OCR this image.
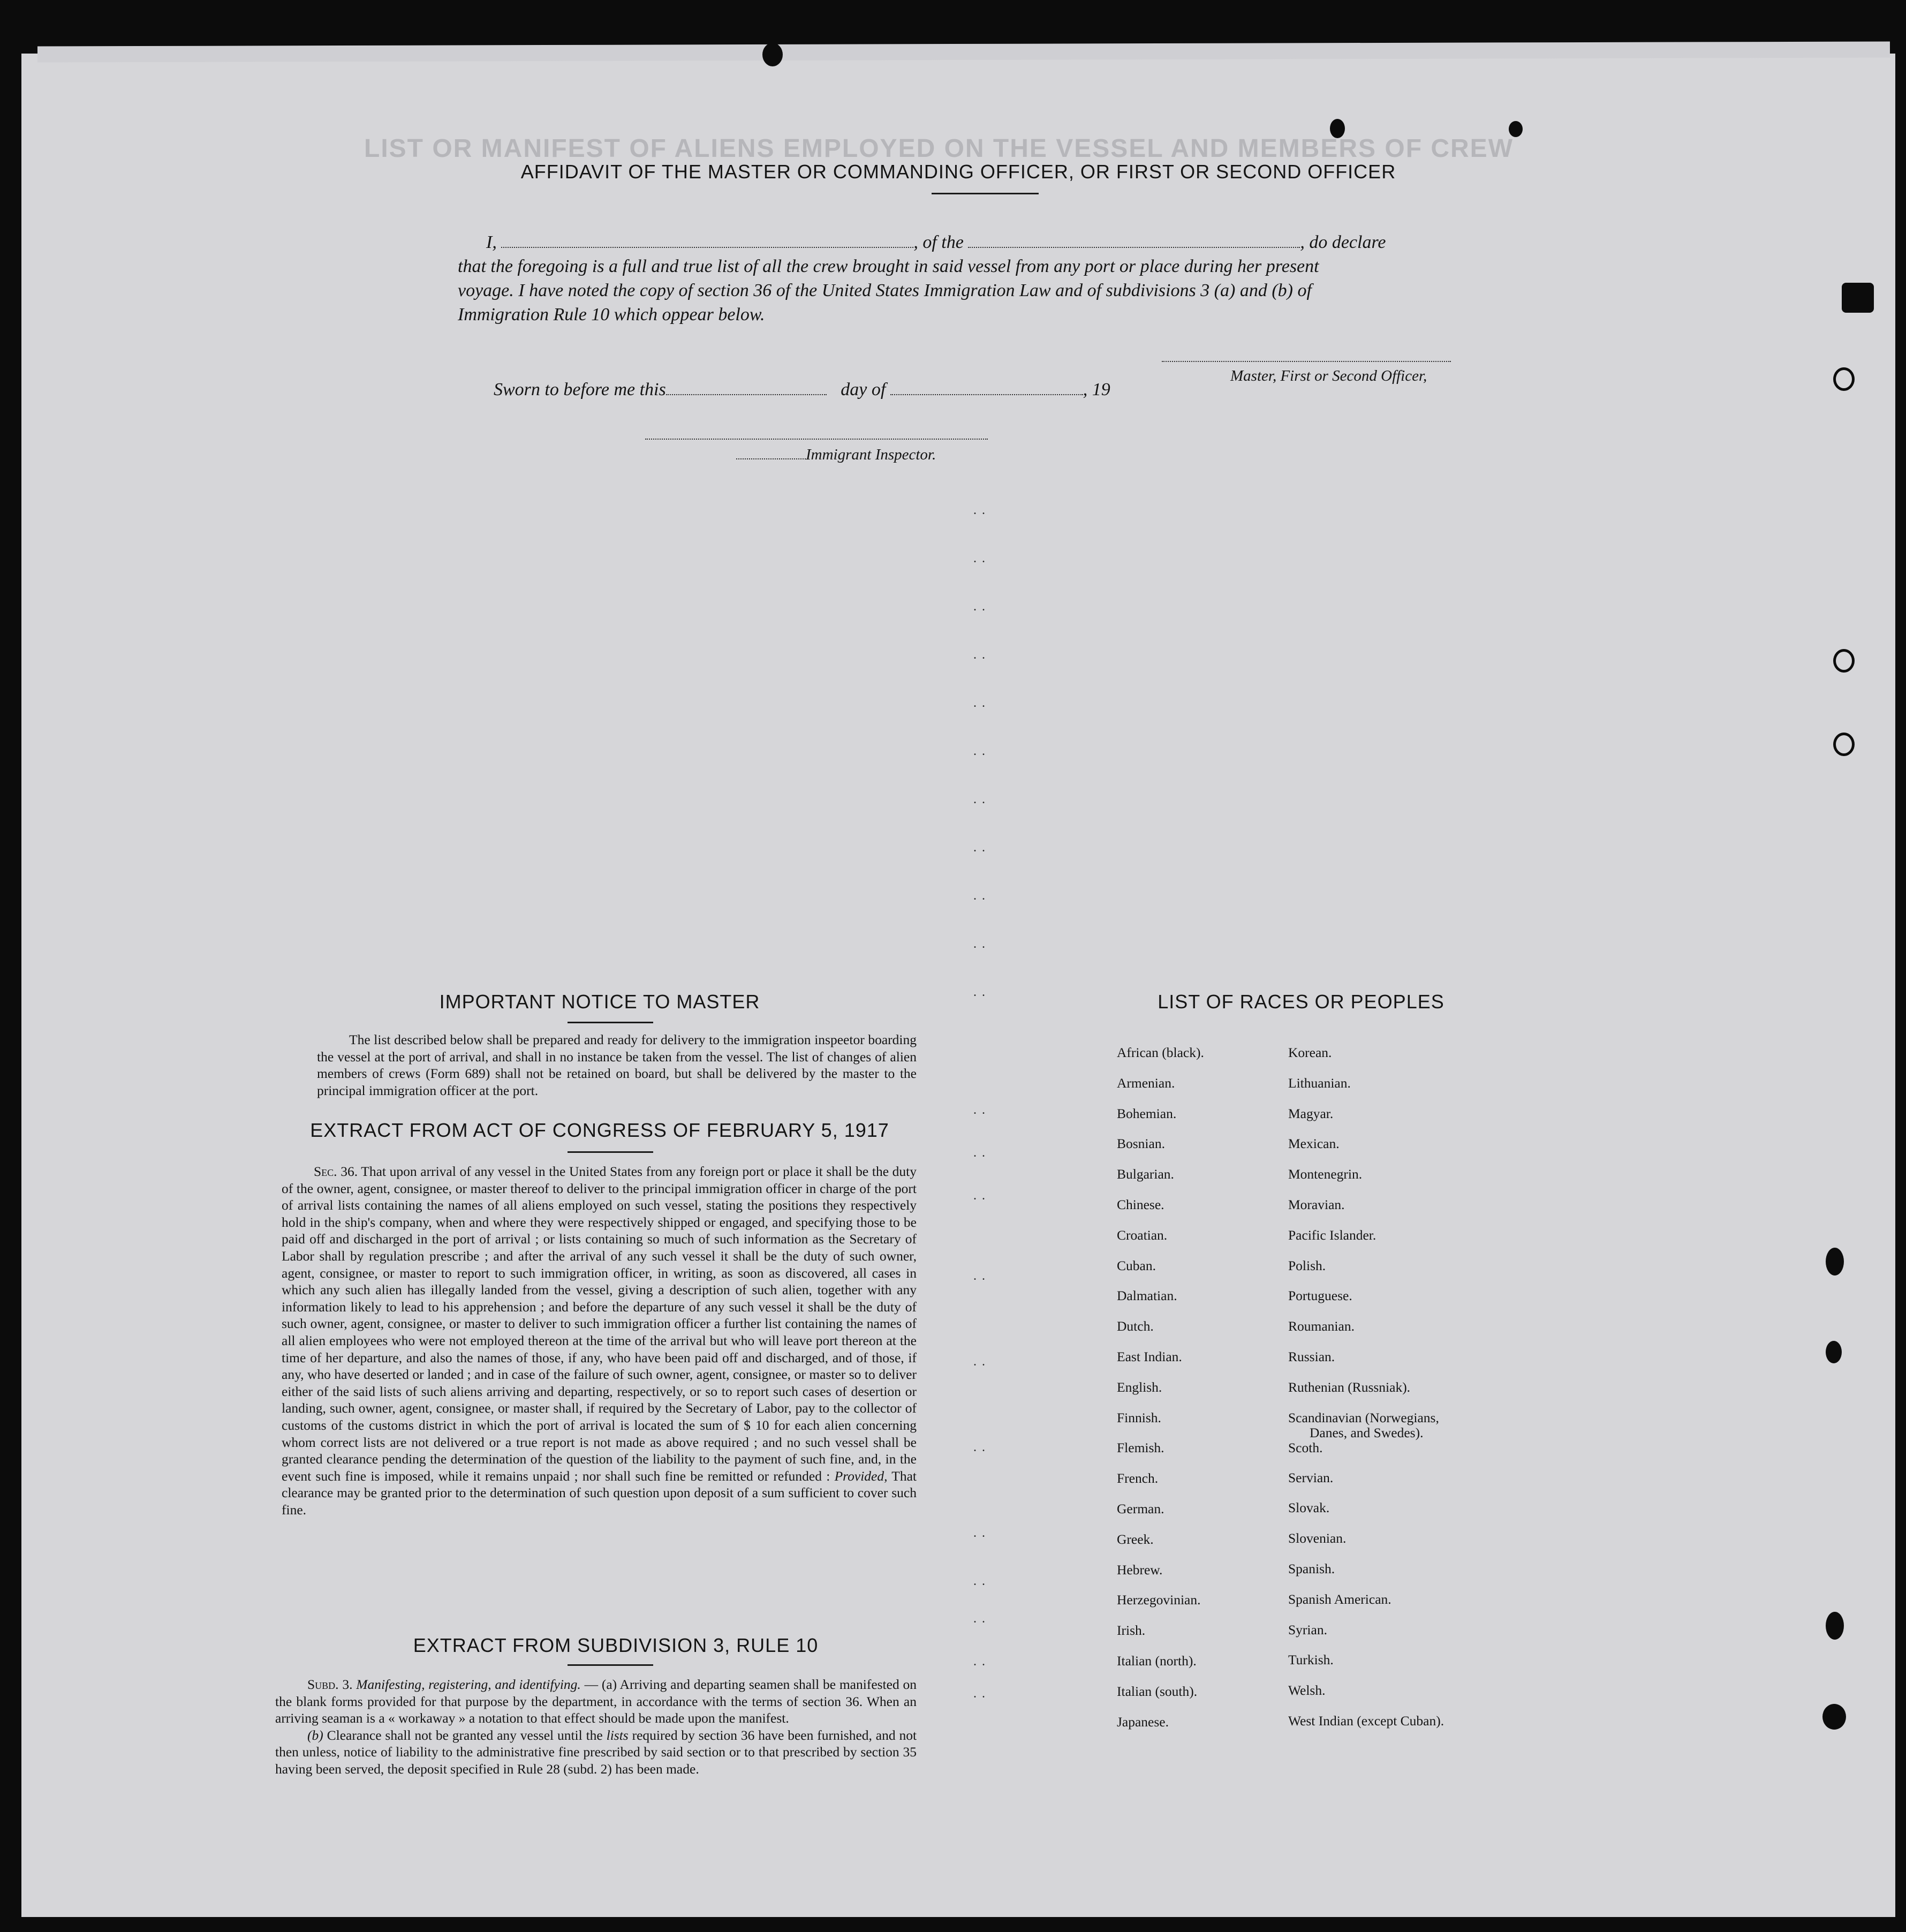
AFFIDAVIT OF THE MASTER OR COMMANDING OFFICER, OR FIRST OR SECOND OFFICER
I,	, of the	, do declare
that the foregoing is a full and true list of all the crew brought in said vessel from any port or place during her present
voyage. I have noted the copy of section 36 of the United States Immigration Law and of subdivisions 3 (a) and (b) of
Immigration Rule 10 which oppear below.
Master, First or Second Officer,
Sworn to before me this	day of	, 19
Immigrant Inspector.
LIST OR MANIFEST OF ALIENS EMPLOYED ON THE VESSEL AND MEMBERS OF CREW
..
..
..
..
..
..
..
..
..
..
..
..
..
..
..
..
..
..
..
..
..
..
IMPORTANT NOTICE TO MASTER

The list described below shall be prepared and ready for delivery to the immigration inspeetor boarding the vessel at the port of arrival, and shall in no instance be taken from the vessel. The list of changes of alien members of crews (Form 689) shall not be retained on board, but shall be delivered by the master to the principal immigration officer at the port.

EXTRACT FROM ACT OF CONGRESS OF FEBRUARY 5, 1917

Sec. 36. That upon arrival of any vessel in the United States from any foreign port or place it shall be the duty of the owner, agent, consignee, or master thereof to deliver to the principal immigration officer in charge of the port of arrival lists containing the names of all aliens employed on such vessel, stating the positions they respectively hold in the ship's company, when and where they were respectively shipped or engaged, and specifying those to be paid off and discharged in the port of arrival ; or lists containing so much of such information as the Secretary of Labor shall by regulation prescribe ; and after the arrival of any such vessel it shall be the duty of such owner, agent, consignee, or master to report to such immigration officer, in writing, as soon as discovered, all cases in which any such alien has illegally landed from the vessel, giving a description of such alien, together with any information likely to lead to his apprehension ; and before the departure of any such vessel it shall be the duty of such owner, agent, consignee, or master to deliver to such immigration officer a further list containing the names of all alien employees who were not employed thereon at the time of the arrival but who will leave port thereon at the time of her departure, and also the names of those, if any, who have been paid off and discharged, and of those, if any, who have deserted or landed ; and in case of the failure of such owner, agent, consignee, or master so to deliver either of the said lists of such aliens arriving and departing, respectively, or so to report such cases of desertion or landing, such owner, agent, consignee, or master shall, if required by the Secretary of Labor, pay to the collector of customs of the customs district in which the port of arrival is located the sum of $ 10 for each alien concerning whom correct lists are not delivered or a true report is not made as above required ; and no such vessel shall be granted clearance pending the determination of the question of the liability to the payment of such fine, and, in the event such fine is imposed, while it remains unpaid ; nor shall such fine be remitted or refunded : Provided, That clearance may be granted prior to the determination of such question upon deposit of a sum sufficient to cover such fine.

EXTRACT FROM SUBDIVISION 3, RULE 10

Subd. 3. Manifesting, registering, and identifying. — (a) Arriving and departing seamen shall be manifested on the blank forms provided for that purpose by the department, in accordance with the terms of section 36. When an arriving seaman is a « workaway » a notation to that effect should be made upon the manifest.

(b) Clearance shall not be granted any vessel until the lists required by section 36 have been furnished, and not then unless, notice of liability to the administrative fine prescribed by said section or to that prescribed by section 35 having been served, the deposit specified in Rule 28 (subd. 2) has been made.

LIST OF RACES OR PEOPLES
African (black).
Armenian.
Bohemian.
Bosnian.
Bulgarian.
Chinese.
Croatian.
Cuban.
Dalmatian.
Dutch.
East Indian.
English.
Finnish.
Flemish.
French.
German.
Greek.
Hebrew.
Herzegovinian.
Irish.
Italian (north).
Italian (south).
Japanese.
Korean.
Lithuanian.
Magyar.
Mexican.
Montenegrin.
Moravian.
Pacific Islander.
Polish.
Portuguese.
Roumanian.
Russian.
Ruthenian (Russniak).
Scandinavian (Norwegians,
Danes, and Swedes).
Scoth.
Servian.
Slovak.
Slovenian.
Spanish.
Spanish American.
Syrian.
Turkish.
Welsh.
West Indian (except Cuban).
